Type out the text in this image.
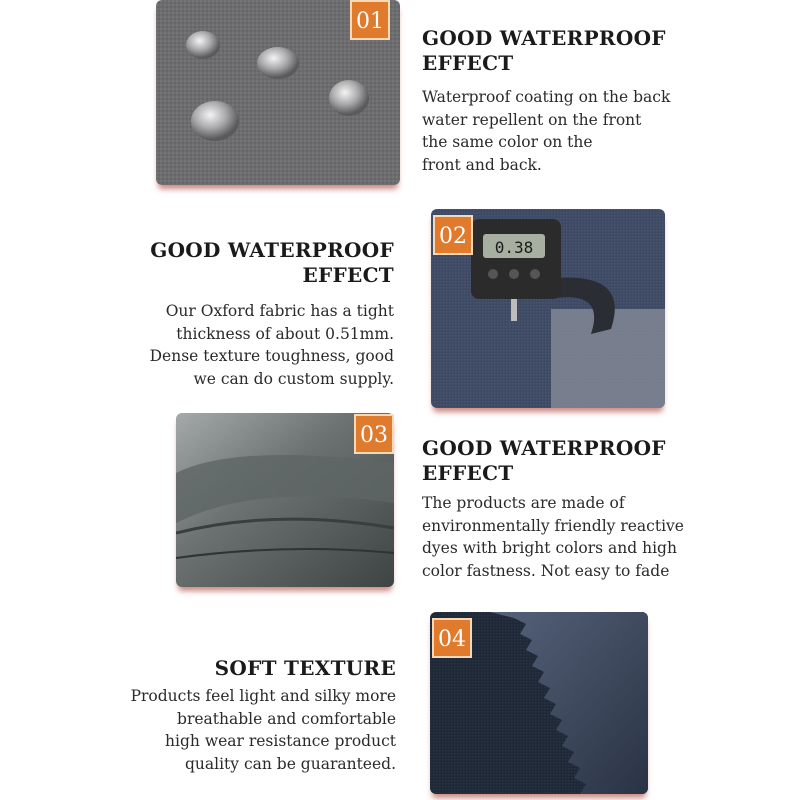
01
GOOD WATERPROOF
EFFECT
Waterproof coating on the back
water repellent on the front
the same color on the
front and back.
GOOD WATERPROOF
EFFECT
Our Oxford fabric has a tight
thickness of about 0.51mm.
Dense texture toughness, good
we can do custom supply.
0.38
02
03	GOOD WATERPROOF
EFFECT
The products are made of
environmentally friendly reactive
dyes with bright colors and high
color fastness. Not easy to fade
SOFT TEXTURE
Products feel light and silky more
breathable and comfortable
high wear resistance product
quality can be guaranteed.
04
